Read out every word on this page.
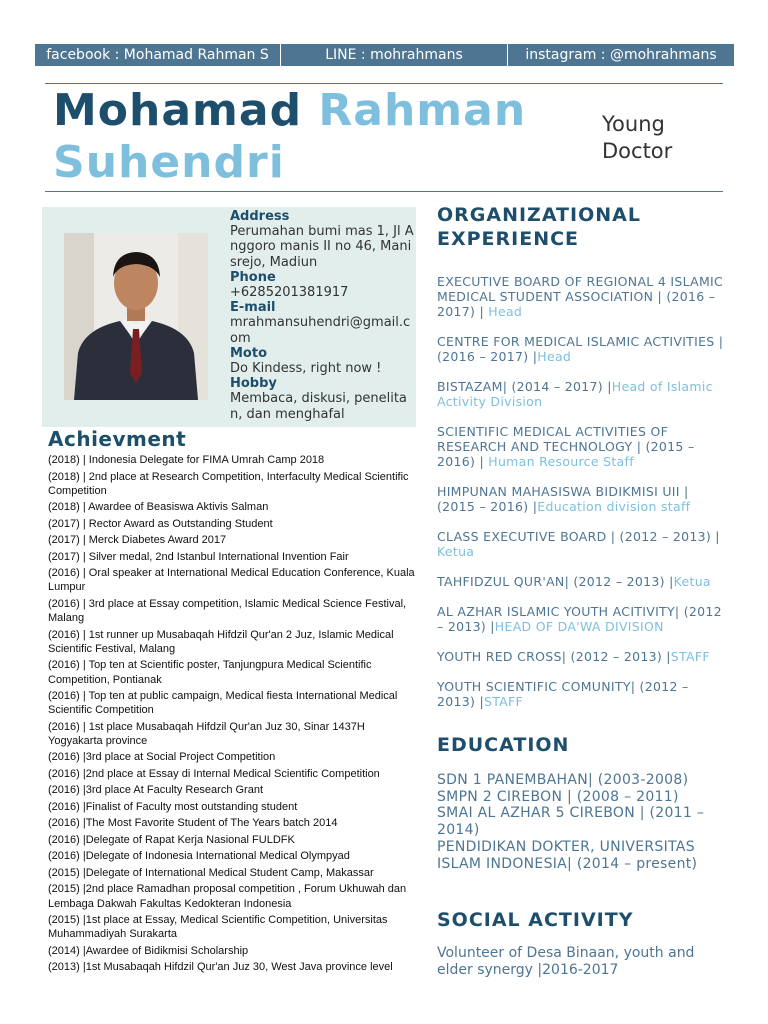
facebook : Mohamad Rahman S	LINE : mohrahmans	instagram : @mohrahmans
Mohamad Rahman
Suhendri
Young Doctor
Address
Perumahan bumi mas 1, Jl Anggoro manis II no 46, Manisrejo, Madiun
Phone
+6285201381917
E-mail
mrahmansuhendri@gmail.com
Moto
Do Kindess, right now !
Hobby
Membaca, diskusi, penelitan, dan menghafal
Achievment
(2018) | Indonesia Delegate for FIMA Umrah Camp 2018
(2018) | 2nd place at Research Competition, Interfaculty Medical Scientific Competition
(2018) | Awardee of Beasiswa Aktivis Salman
(2017) | Rector Award as Outstanding Student
(2017) | Merck Diabetes Award 2017
(2017) | Silver medal, 2nd Istanbul International Invention Fair
(2016) | Oral speaker at International Medical Education Conference, Kuala Lumpur
(2016) | 3rd place at Essay competition, Islamic Medical Science Festival, Malang
(2016) | 1st runner up Musabaqah Hifdzil Qur'an 2 Juz, Islamic Medical Scientific Festival, Malang
(2016) | Top ten at Scientific poster, Tanjungpura Medical Scientific Competition, Pontianak
(2016) | Top ten at public campaign, Medical fiesta International Medical Scientific Competition
(2016) | 1st place Musabaqah Hifdzil Qur'an Juz 30, Sinar 1437H Yogyakarta province
(2016) |3rd place at Social Project Competition
(2016) |2nd place at Essay di Internal Medical Scientific Competition
(2016) |3rd place At Faculty Research Grant
(2016) |Finalist of Faculty most outstanding student
(2016) |The Most Favorite Student of The Years batch 2014
(2016) |Delegate of Rapat Kerja Nasional FULDFK
(2016) |Delegate of Indonesia International Medical Olympyad
(2015) |Delegate of International Medical Student Camp, Makassar
(2015) |2nd place Ramadhan proposal competition , Forum Ukhuwah dan Lembaga Dakwah Fakultas Kedokteran Indonesia
(2015) |1st place at Essay, Medical Scientific Competition, Universitas Muhammadiyah Surakarta
(2014) |Awardee of Bidikmisi Scholarship
(2013) |1st Musabaqah Hifdzil Qur'an Juz 30, West Java province level
ORGANIZATIONAL EXPERIENCE
EXECUTIVE BOARD OF REGIONAL 4 ISLAMIC MEDICAL STUDENT ASSOCIATION | (2016 – 2017) | Head
CENTRE FOR MEDICAL ISLAMIC ACTIVITIES | (2016 – 2017) |Head
BISTAZAM| (2014 – 2017) |Head of Islamic Activity Division
SCIENTIFIC MEDICAL ACTIVITIES OF RESEARCH AND TECHNOLOGY | (2015 – 2016) | Human Resource Staff
HIMPUNAN MAHASISWA BIDIKMISI UII | (2015 – 2016) |Education division staff
CLASS EXECUTIVE BOARD | (2012 – 2013) | Ketua
TAHFIDZUL QUR'AN| (2012 – 2013) |Ketua
AL AZHAR ISLAMIC YOUTH ACITIVITY| (2012 – 2013) |HEAD OF DA'WA DIVISION
YOUTH RED CROSS| (2012 – 2013) |STAFF
YOUTH SCIENTIFIC COMUNITY| (2012 – 2013) |STAFF
EDUCATION
SDN 1 PANEMBAHAN| (2003-2008)
SMPN 2 CIREBON | (2008 – 2011)
SMAI AL AZHAR 5 CIREBON | (2011 – 2014)
PENDIDIKAN DOKTER, UNIVERSITAS ISLAM INDONESIA| (2014 – present)
SOCIAL ACTIVITY
Volunteer of Desa Binaan, youth and elder synergy |2016-2017
